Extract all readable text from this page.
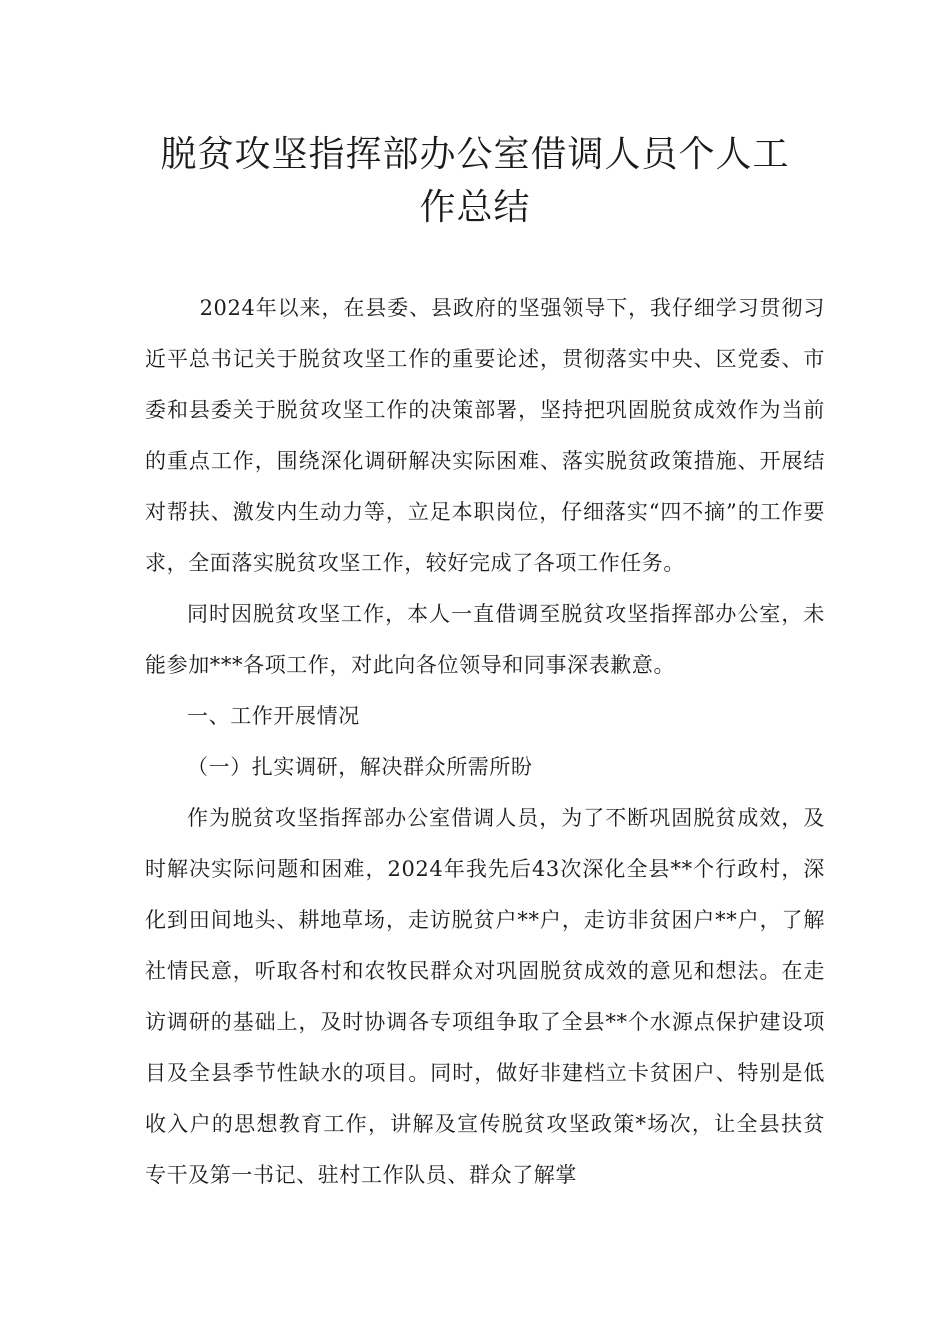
脱贫攻坚指挥部办公室借调人员个人工
作总结

2024年以来，在县委、县政府的坚强领导下，我仔细学习贯彻习近平总书记关于脱贫攻坚工作的重要论述，贯彻落实中央、区党委、市委和县委关于脱贫攻坚工作的决策部署，坚持把巩固脱贫成效作为当前的重点工作，围绕深化调研解决实际困难、落实脱贫政策措施、开展结对帮扶、激发内生动力等，立足本职岗位，仔细落实“四不摘”的工作要求，全面落实脱贫攻坚工作，较好完成了各项工作任务。

同时因脱贫攻坚工作，本人一直借调至脱贫攻坚指挥部办公室，未能参加***各项工作，对此向各位领导和同事深表歉意。

一、工作开展情况

（一）扎实调研，解决群众所需所盼

作为脱贫攻坚指挥部办公室借调人员，为了不断巩固脱贫成效，及时解决实际问题和困难，2024年我先后43次深化全县**个行政村，深化到田间地头、耕地草场，走访脱贫户**户，走访非贫困户**户，了解社情民意，听取各村和农牧民群众对巩固脱贫成效的意见和想法。在走访调研的基础上，及时协调各专项组争取了全县**个水源点保护建设项目及全县季节性缺水的项目。同时，做好非建档立卡贫困户、特别是低收入户的思想教育工作，讲解及宣传脱贫攻坚政策*场次，让全县扶贫专干及第一书记、驻村工作队员、群众了解掌
